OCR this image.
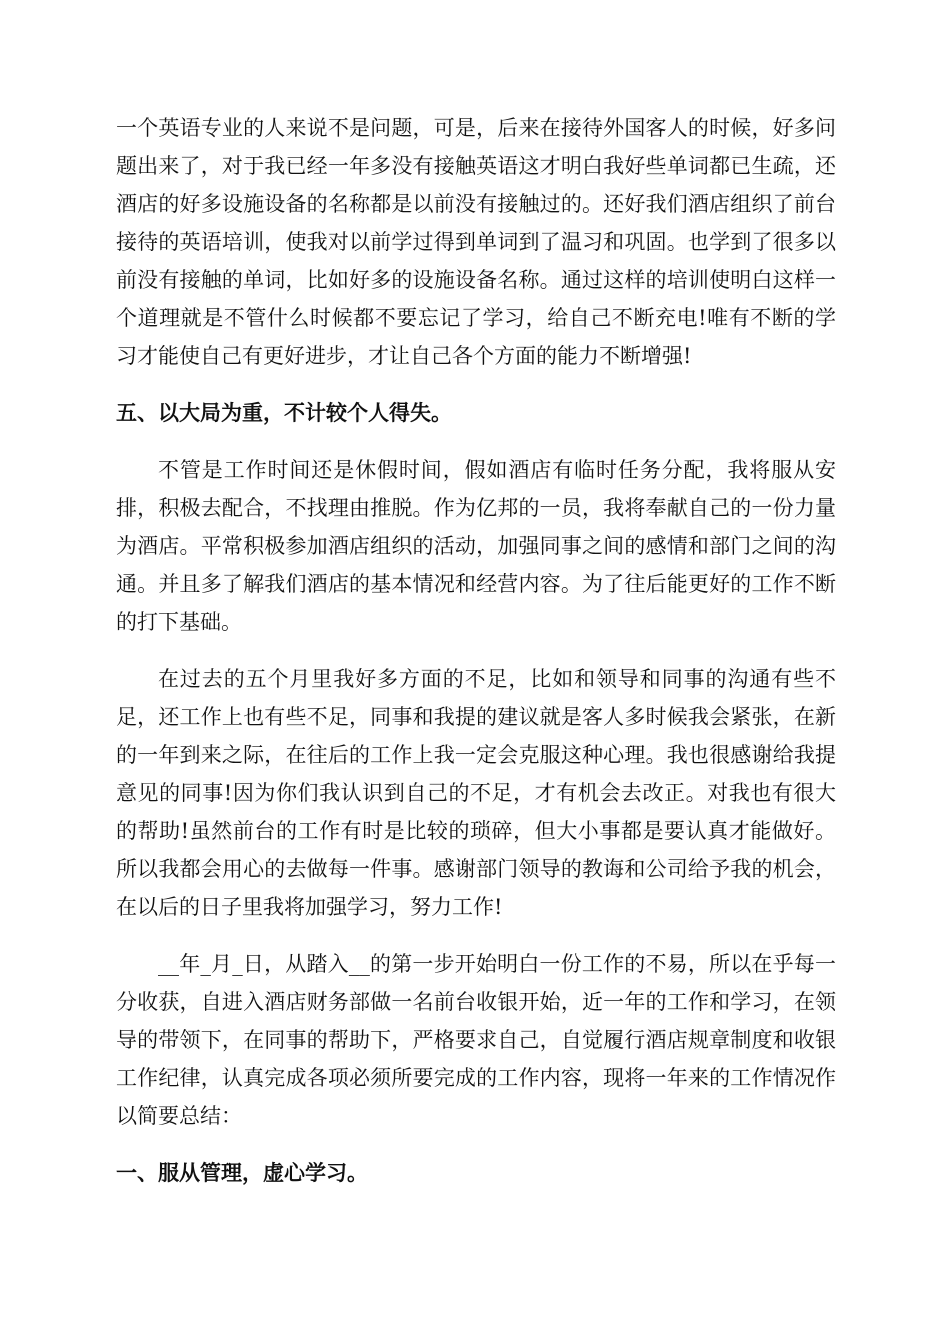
一个英语专业的人来说不是问题，可是，后来在接待外国客人的时候，好多问题出来了，对于我已经一年多没有接触英语这才明白我好些单词都已生疏，还酒店的好多设施设备的名称都是以前没有接触过的。还好我们酒店组织了前台接待的英语培训，使我对以前学过得到单词到了温习和巩固。也学到了很多以前没有接触的单词，比如好多的设施设备名称。通过这样的培训使明白这样一个道理就是不管什么时候都不要忘记了学习，给自己不断充电!唯有不断的学习才能使自己有更好进步，才让自己各个方面的能力不断增强!

五、以大局为重，不计较个人得失。

不管是工作时间还是休假时间，假如酒店有临时任务分配，我将服从安排，积极去配合，不找理由推脱。作为亿邦的一员，我将奉献自己的一份力量为酒店。平常积极参加酒店组织的活动，加强同事之间的感情和部门之间的沟通。并且多了解我们酒店的基本情况和经营内容。为了往后能更好的工作不断的打下基础。

在过去的五个月里我好多方面的不足，比如和领导和同事的沟通有些不足，还工作上也有些不足，同事和我提的建议就是客人多时候我会紧张，在新的一年到来之际，在往后的工作上我一定会克服这种心理。我也很感谢给我提意见的同事!因为你们我认识到自己的不足，才有机会去改正。对我也有很大的帮助!虽然前台的工作有时是比较的琐碎，但大小事都是要认真才能做好。所以我都会用心的去做每一件事。感谢部门领导的教诲和公司给予我的机会，在以后的日子里我将加强学习，努力工作!

__年_月_日，从踏入__的第一步开始明白一份工作的不易，所以在乎每一分收获，自进入酒店财务部做一名前台收银开始，近一年的工作和学习，在领导的带领下，在同事的帮助下，严格要求自己，自觉履行酒店规章制度和收银工作纪律，认真完成各项必须所要完成的工作内容，现将一年来的工作情况作以简要总结：

一、服从管理，虚心学习。
